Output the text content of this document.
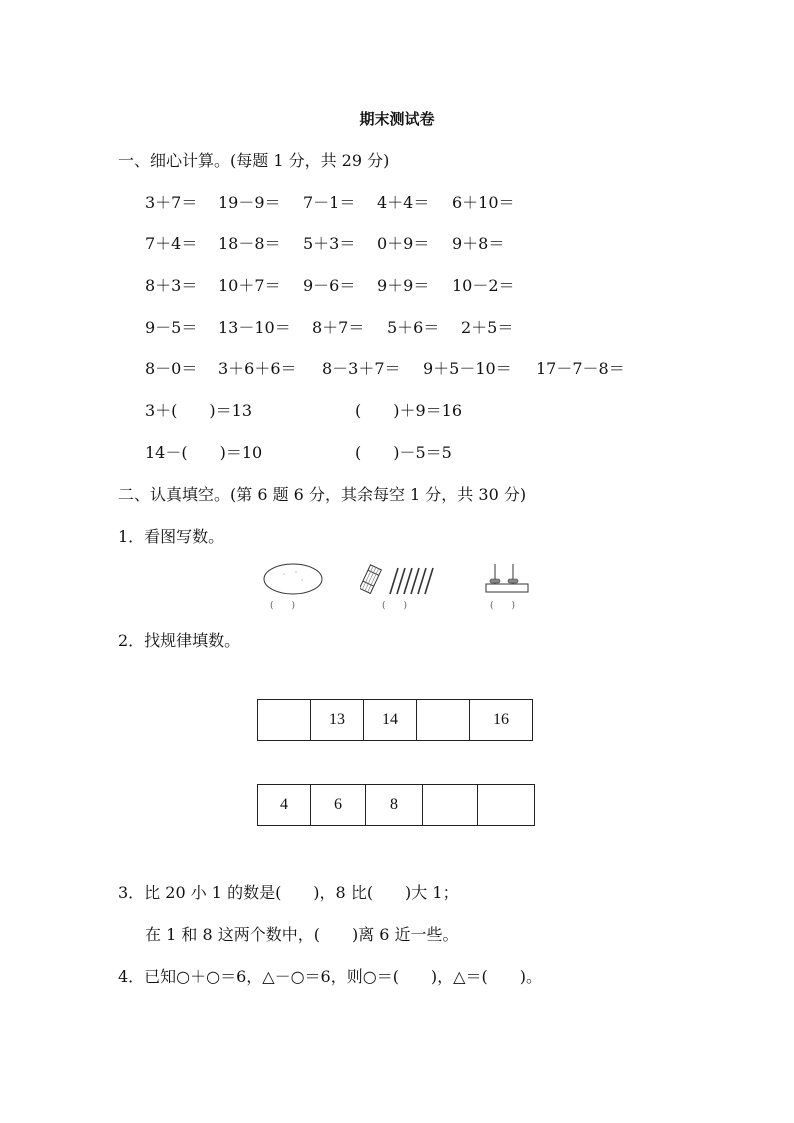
期末测试卷
一、细心计算。(每题 1 分，共 29 分)
3＋7＝ 19－9＝ 7－1＝ 4＋4＝ 6＋10＝
7＋4＝ 18－8＝ 5＋3＝ 0＋9＝ 9＋8＝
8＋3＝ 10＋7＝ 9－6＝ 9＋9＝ 10－2＝
9－5＝ 13－10＝ 8＋7＝ 5＋6＝ 2＋5＝
8－0＝ 3＋6＋6＝ 8－3＋7＝ 9＋5－10＝ 17－7－8＝
3＋(　　)＝13	(　　)＋9＝16
14－(　　)＝10	(　　)－5＝5
二、认真填空。(第 6 题 6 分，其余每空 1 分，共 30 分)
1．看图写数。
(　　)	(　　)	(　　)
2．找规律填数。
	13	14		16
4	6	8		
3．比 20 小 1 的数是(　　)，8 比(　　)大 1；
在 1 和 8 这两个数中，(　　)离 6 近一些。
4．已知○＋○＝6，△－○＝6，则○＝(　　)，△＝(　　)。
